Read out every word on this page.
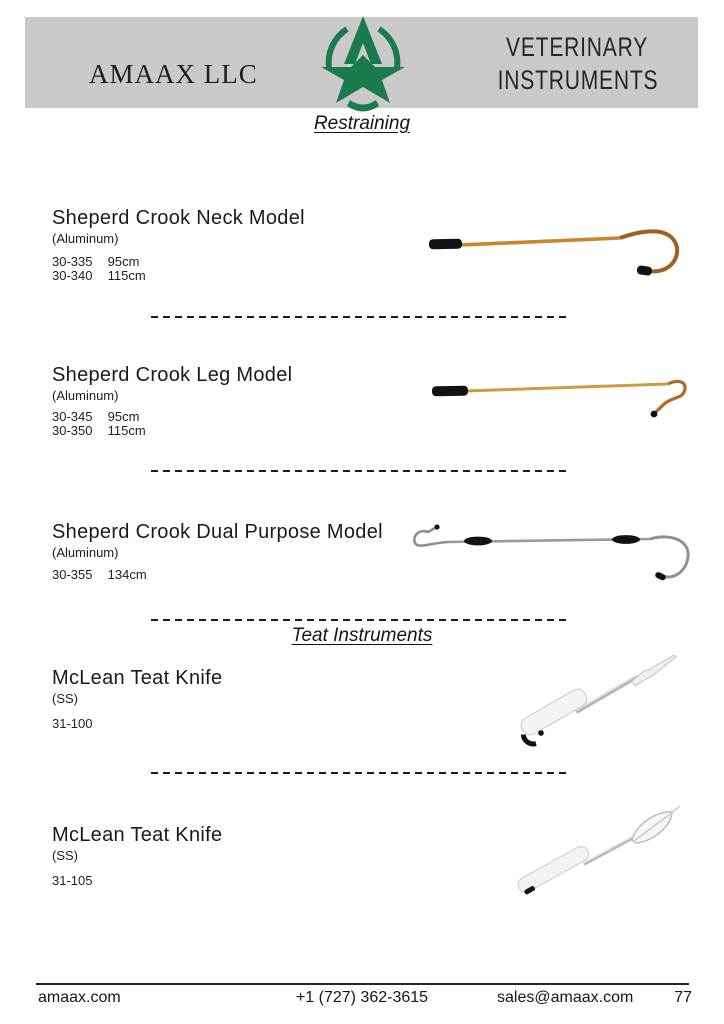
AMAAX LLC
VETERINARY
INSTRUMENTS
Restraining
Sheperd Crook Neck Model
(Aluminum)
30-335 95cm
30-340 115cm
Sheperd Crook Leg Model
(Aluminum)
30-345 95cm
30-350 115cm
Sheperd Crook Dual Purpose Model
(Aluminum)
30-355 134cm
Teat Instruments
McLean Teat Knife
(SS)
31-100
McLean Teat Knife
(SS)
31-105
amaax.com	+1 (727) 362-3615	sales@amaax.com	77
